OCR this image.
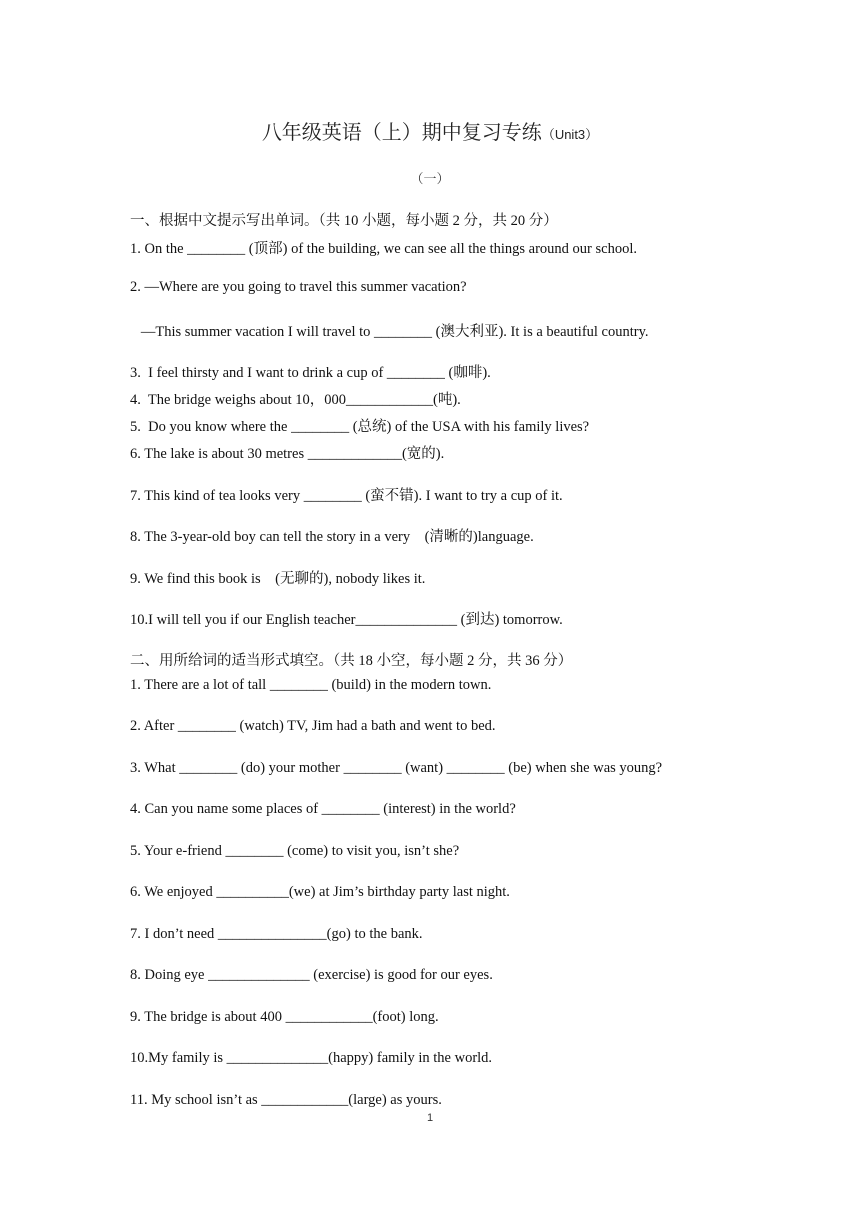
八年级英语（上）期中复习专练（Unit3）
（一）
一、根据中文提示写出单词。（共 10 小题，每小题 2 分，共 20 分）
1. On the ________ (顶部) of the building, we can see all the things around our school.
2. —Where are you going to travel this summer vacation?
—This summer vacation I will travel to ________ (澳大利亚). It is a beautiful country.
3.  I feel thirsty and I want to drink a cup of ________ (咖啡).
4.  The bridge weighs about 10，000____________(吨).
5.  Do you know where the ________ (总统) of the USA with his family lives?
6. The lake is about 30 metres _____________(宽的).
7. This kind of tea looks very ________ (蛮不错). I want to try a cup of it.
8. The 3-year-old boy can tell the story in a very    (清晰的)language.
9. We find this book is    (无聊的), nobody likes it.
10.I will tell you if our English teacher______________ (到达) tomorrow.
二、用所给词的适当形式填空。（共 18 小空，每小题 2 分，共 36 分）
1. There are a lot of tall ________ (build) in the modern town.
2. After ________ (watch) TV, Jim had a bath and went to bed.
3. What ________ (do) your mother ________ (want) ________ (be) when she was young?
4. Can you name some places of ________ (interest) in the world?
5. Your e-friend ________ (come) to visit you, isn’t she?
6. We enjoyed __________(we) at Jim’s birthday party last night.
7. I don’t need _______________(go) to the bank.
8. Doing eye ______________ (exercise) is good for our eyes.
9. The bridge is about 400 ____________(foot) long.
10.My family is ______________(happy) family in the world.
11. My school isn’t as ____________(large) as yours.
1
